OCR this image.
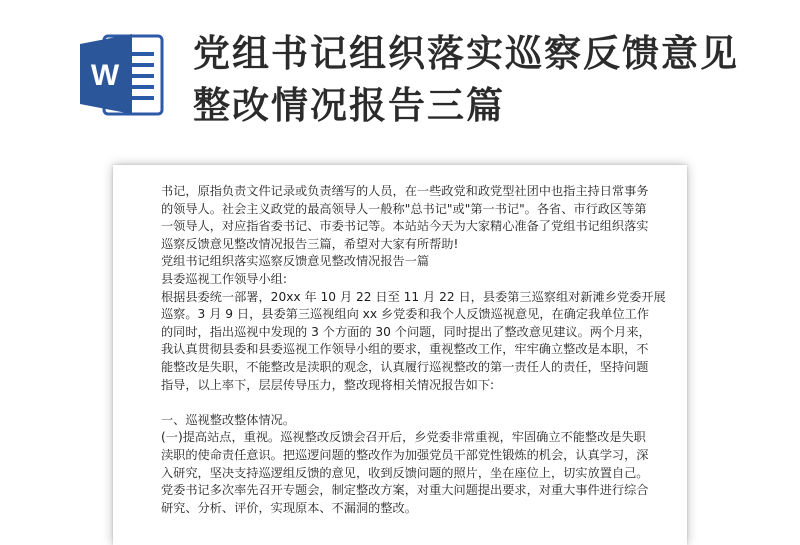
W
党组书记组织落实巡察反馈意见
整改情况报告三篇

书记，原指负责文件记录或负责缮写的人员，在一些政党和政党型社团中也指主持日常事务

的领导人。社会主义政党的最高领导人一般称"总书记"或"第一书记"。各省、市行政区等第

一领导人，对应指省委书记、市委书记等。本站站今天为大家精心准备了党组书记组织落实

巡察反馈意见整改情况报告三篇，希望对大家有所帮助!

党组书记组织落实巡察反馈意见整改情况报告一篇

县委巡视工作领导小组:

根据县委统一部署，20xx 年 10 月 22 日至 11 月 22 日，县委第三巡察组对新滩乡党委开展

巡察。3 月 9 日，县委第三巡视组向 xx 乡党委和我个人反馈巡视意见，在确定我单位工作

的同时，指出巡视中发现的 3 个方面的 30 个问题，同时提出了整改意见建议。两个月来，

我认真贯彻县委和县委巡视工作领导小组的要求，重视整改工作，牢牢确立整改是本职，不

能整改是失职，不能整改是渎职的观念，认真履行巡视整改的第一责任人的责任，坚持问题

指导，以上率下，层层传导压力，整改现将相关情况报告如下:

一、巡视整改整体情况。

(一)提高站点，重视。巡视整改反馈会召开后，乡党委非常重视，牢固确立不能整改是失职

渎职的使命责任意识。把巡逻问题的整改作为加强党员干部党性锻炼的机会，认真学习，深

入研究，坚决支持巡逻组反馈的意见，收到反馈问题的照片，坐在座位上，切实放置自己。

党委书记多次率先召开专题会，制定整改方案，对重大问题提出要求，对重大事件进行综合

研究、分析、评价，实现原本、不漏洞的整改。
